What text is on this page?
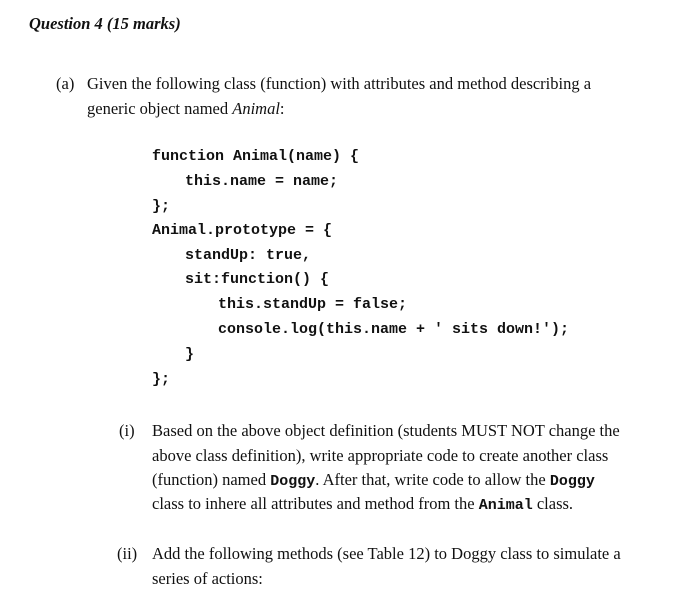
Question 4 (15 marks)
(a) Given the following class (function) with attributes and method describing a
generic object named Animal:
function Animal(name) {
this.name = name;
};
Animal.prototype = {
standUp: true,
sit:function() {
this.standUp = false;
console.log(this.name + ' sits down!');
}
};
(i) Based on the above object definition (students MUST NOT change the
above class definition), write appropriate code to create another class
(function) named Doggy. After that, write code to allow the Doggy
class to inhere all attributes and method from the Animal class.
(ii) Add the following methods (see Table 12) to Doggy class to simulate a
series of actions:
